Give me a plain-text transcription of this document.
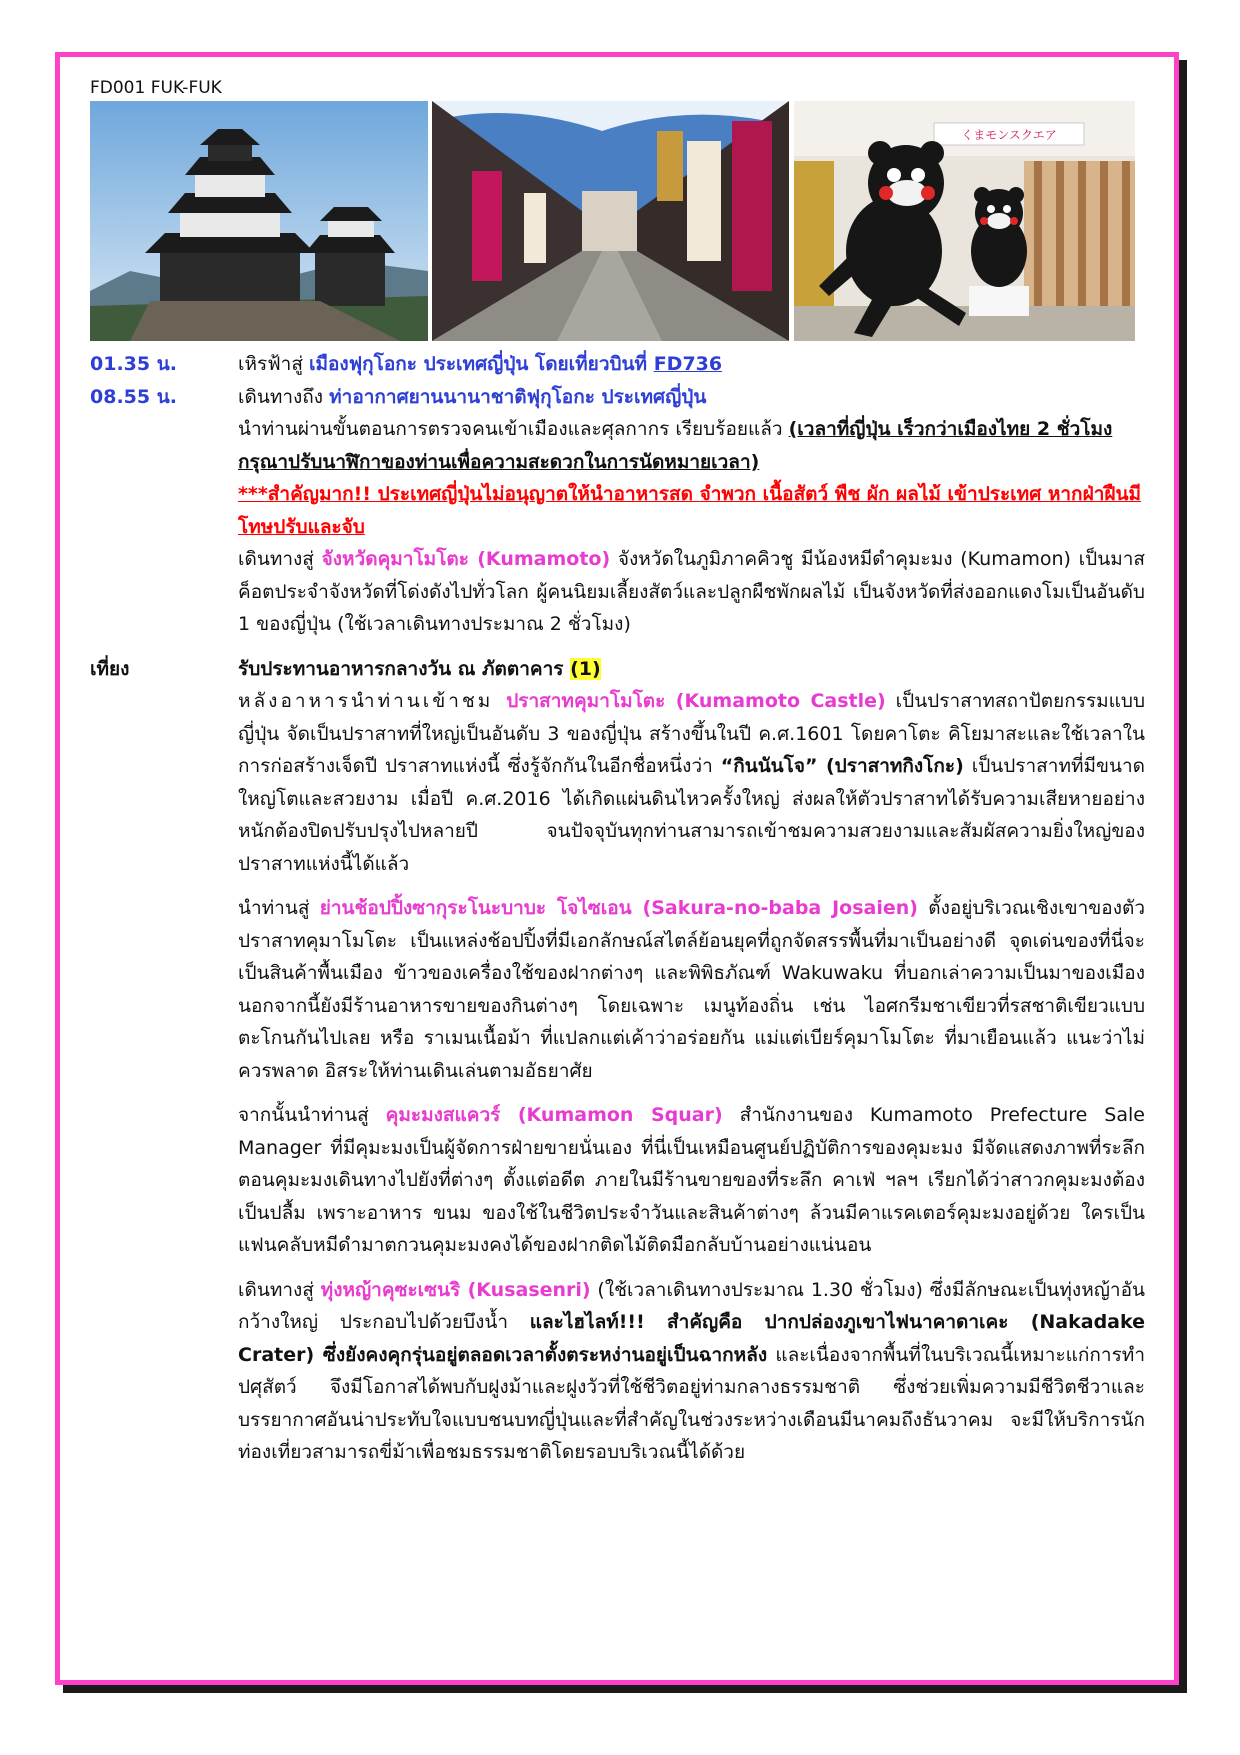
FD001 FUK-FUK
くまモンスクエア
01.35 น.	เหิรฟ้าสู่ เมืองฟุกุโอกะ ประเทศญี่ปุ่น โดยเที่ยวบินที่ FD736
08.55 น.	เดินทางถึง ท่าอากาศยานนานาชาติฟุกุโอกะ ประเทศญี่ปุ่น
นำท่านผ่านขั้นตอนการตรวจคนเข้าเมืองและศุลกากร เรียบร้อยแล้ว (เวลาที่ญี่ปุ่น เร็วกว่าเมืองไทย 2 ชั่วโมง กรุณาปรับนาฬิกาของท่านเพื่อความสะดวกในการนัดหมายเวลา)
***สำคัญมาก!! ประเทศญี่ปุ่นไม่อนุญาตให้นำอาหารสด จำพวก เนื้อสัตว์ พืช ผัก ผลไม้ เข้าประเทศ หากฝ่าฝืนมีโทษปรับและจับ
เดินทางสู่ จังหวัดคุมาโมโตะ (Kumamoto) จังหวัดในภูมิภาคคิวชู มีน้องหมีดำคุมะมง (Kumamon) เป็นมาสค็อตประจำจังหวัดที่โด่งดังไปทั่วโลก ผู้คนนิยมเลี้ยงสัตว์และปลูกผืชพักผลไม้ เป็นจังหวัดที่ส่งออกแดงโมเป็นอันดับ 1 ของญี่ปุ่น (ใช้เวลาเดินทางประมาณ 2 ชั่วโมง)
เที่ยง	รับประทานอาหารกลางวัน ณ ภัตตาคาร (1)
หลังอาหารนำท่านเข้าชม ปราสาทคุมาโมโตะ (Kumamoto Castle) เป็นปราสาทสถาปัตยกรรมแบบญี่ปุ่น จัดเป็นปราสาทที่ใหญ่เป็นอันดับ 3 ของญี่ปุ่น สร้างขึ้นในปี ค.ศ.1601 โดยคาโตะ คิโยมาสะและใช้เวลาในการก่อสร้างเจ็ดปี ปราสาทแห่งนี้ ซึ่งรู้จักกันในอีกชื่อหนึ่งว่า “กินนันโจ” (ปราสาทกิงโกะ) เป็นปราสาทที่มีขนาดใหญ่โตและสวยงาม เมื่อปี ค.ศ.2016 ได้เกิดแผ่นดินไหวครั้งใหญ่ ส่งผลให้ตัวปราสาทได้รับความเสียหายอย่างหนักต้องปิดปรับปรุงไปหลายปี จนปัจจุบันทุกท่านสามารถเข้าชมความสวยงามและสัมผัสความยิ่งใหญ่ของปราสาทแห่งนี้ได้แล้ว
นำท่านสู่ ย่านช้อปปิ้งซากุระโนะบาบะ โจไซเอน (Sakura-no-baba Josaien) ตั้งอยู่บริเวณเชิงเขาของตัวปราสาทคุมาโมโตะ เป็นแหล่งช้อปปิ้งที่มีเอกลักษณ์สไตล์ย้อนยุคที่ถูกจัดสรรพื้นที่มาเป็นอย่างดี จุดเด่นของที่นี่จะเป็นสินค้าพื้นเมือง ข้าวของเครื่องใช้ของฝากต่างๆ และพิพิธภัณฑ์ Wakuwaku ที่บอกเล่าความเป็นมาของเมือง นอกจากนี้ยังมีร้านอาหารขายของกินต่างๆ โดยเฉพาะ เมนูท้องถิ่น เช่น ไอศกรีมชาเขียวที่รสชาติเขียวแบบตะโกนกันไปเลย หรือ ราเมนเนื้อม้า ที่แปลกแต่เค้าว่าอร่อยกัน แม่แต่เบียร์คุมาโมโตะ ที่มาเยือนแล้ว แนะว่าไม่ควรพลาด อิสระให้ท่านเดินเล่นตามอัธยาศัย
จากนั้นนำท่านสู่ คุมะมงสแควร์ (Kumamon Squar) สำนักงานของ Kumamoto Prefecture Sale Manager ที่มีคุมะมงเป็นผู้จัดการฝ่ายขายนั่นเอง ที่นี่เป็นเหมือนศูนย์ปฏิบัติการของคุมะมง มีจัดแสดงภาพที่ระลึกตอนคุมะมงเดินทางไปยังที่ต่างๆ ตั้งแต่อดีต ภายในมีร้านขายของที่ระลึก คาเฟ่ ฯลฯ เรียกได้ว่าสาวกคุมะมงต้องเป็นปลื้ม เพราะอาหาร ขนม ของใช้ในชีวิตประจำวันและสินค้าต่างๆ ล้วนมีคาแรคเตอร์คุมะมงอยู่ด้วย ใครเป็นแฟนคลับหมีดำมาตกวนคุมะมงคงได้ของฝากติดไม้ติดมือกลับบ้านอย่างแน่นอน
เดินทางสู่ ทุ่งหญ้าคุซะเซนริ (Kusasenri) (ใช้เวลาเดินทางประมาณ 1.30 ชั่วโมง) ซึ่งมีลักษณะเป็นทุ่งหญ้าอันกว้างใหญ่ ประกอบไปด้วยบึงน้ำ และไฮไลท์!!! สำคัญคือ ปากปล่องภูเขาไฟนาคาดาเคะ (Nakadake Crater) ซึ่งยังคงคุกรุ่นอยู่ตลอดเวลาตั้งตระหง่านอยู่เป็นฉากหลัง และเนื่องจากพื้นที่ในบริเวณนี้เหมาะแก่การทำปศุสัตว์ จึงมีโอกาสได้พบกับฝูงม้าและฝูงวัวที่ใช้ชีวิตอยู่ท่ามกลางธรรมชาติ ซึ่งช่วยเพิ่มความมีชีวิตชีวาและบรรยากาศอันน่าประทับใจแบบชนบทญี่ปุ่นและที่สำคัญในช่วงระหว่างเดือนมีนาคมถึงธันวาคม จะมีให้บริการนักท่องเที่ยวสามารถขี่ม้าเพื่อชมธรรมชาติโดยรอบบริเวณนี้ได้ด้วย
